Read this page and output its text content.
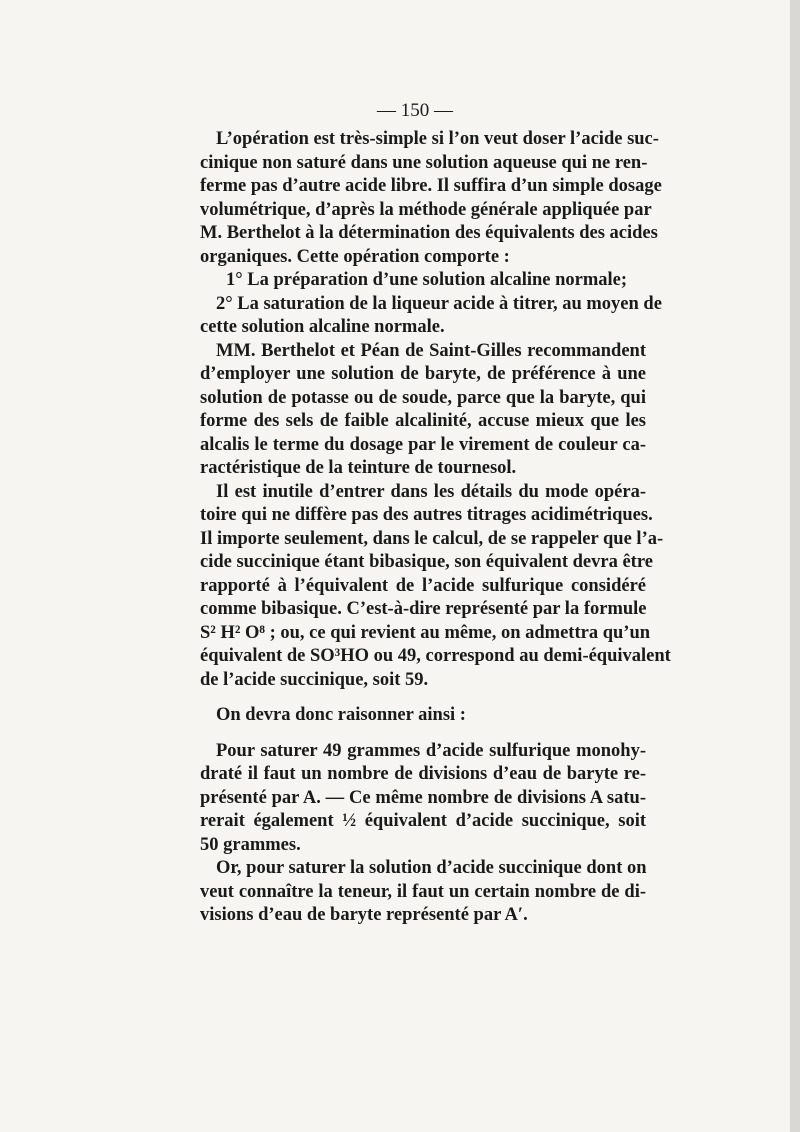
— 150 —
L’opération est très-simple si l’on veut doser l’acide suc-
cinique non saturé dans une solution aqueuse qui ne ren-
ferme pas d’autre acide libre. Il suffira d’un simple dosage
volumétrique, d’après la méthode générale appliquée par
M. Berthelot à la détermination des équivalents des acides
organiques. Cette opération comporte :
1° La préparation d’une solution alcaline normale;
2° La saturation de la liqueur acide à titrer, au moyen de
cette solution alcaline normale.
MM. Berthelot et Péan de Saint-Gilles recommandent
d’employer une solution de baryte, de préférence à une
solution de potasse ou de soude, parce que la baryte, qui
forme des sels de faible alcalinité, accuse mieux que les
alcalis le terme du dosage par le virement de couleur ca-
ractéristique de la teinture de tournesol.
Il est inutile d’entrer dans les détails du mode opéra-
toire qui ne diffère pas des autres titrages acidimétriques.
Il importe seulement, dans le calcul, de se rappeler que l’a-
cide succinique étant bibasique, son équivalent devra être
rapporté à l’équivalent de l’acide sulfurique considéré
comme bibasique. C’est-à-dire représenté par la formule
S² H² O⁸ ; ou, ce qui revient au même, on admettra qu’un
équivalent de SO³HO ou 49, correspond au demi-équivalent
de l’acide succinique, soit 59.
On devra donc raisonner ainsi :
Pour saturer 49 grammes d’acide sulfurique monohy-
draté il faut un nombre de divisions d’eau de baryte re-
présenté par A. — Ce même nombre de divisions A satu-
rerait également ½ équivalent d’acide succinique, soit
50 grammes.
Or, pour saturer la solution d’acide succinique dont on
veut connaître la teneur, il faut un certain nombre de di-
visions d’eau de baryte représenté par A′.
